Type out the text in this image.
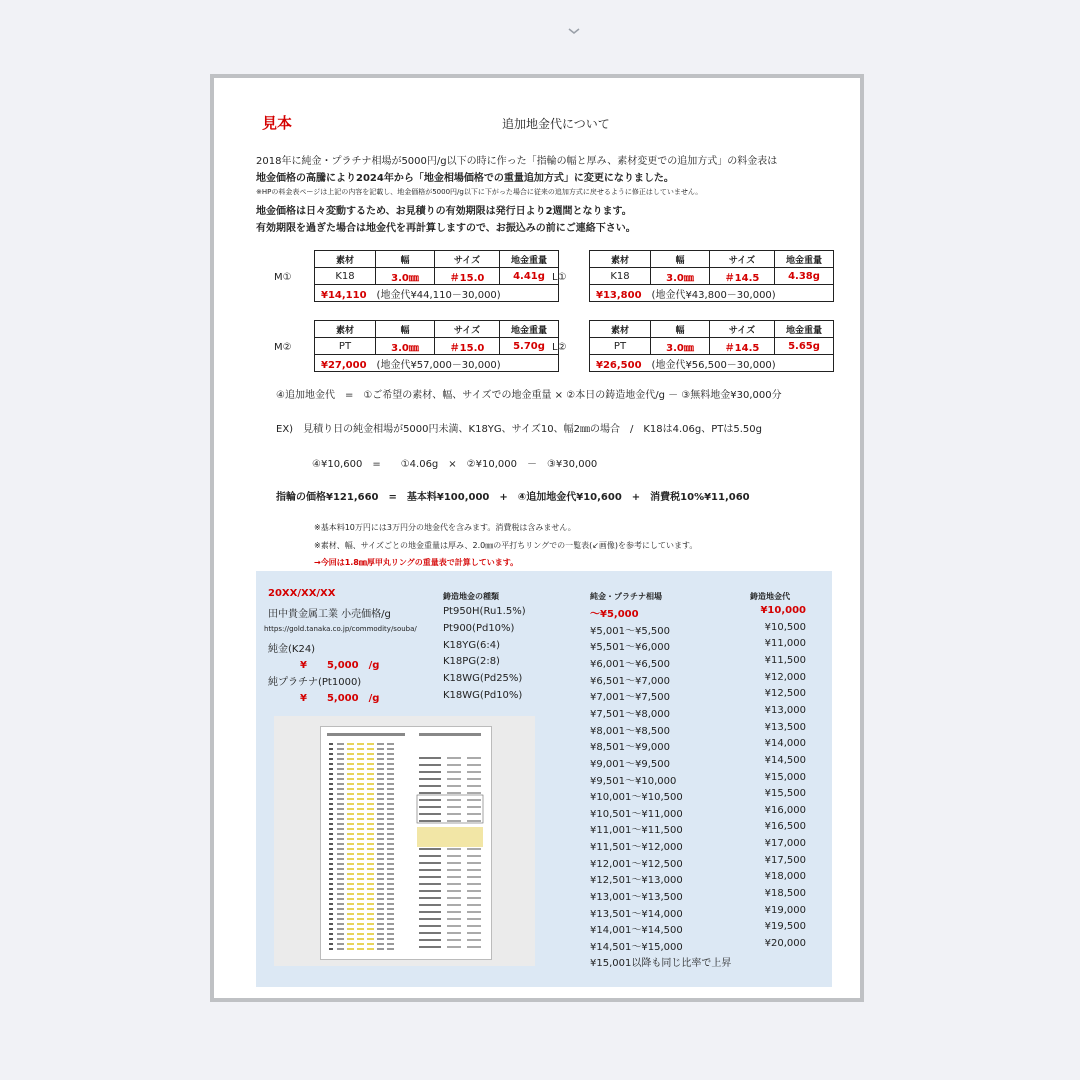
見本	追加地金代について
2018年に純金・プラチナ相場が5000円/g以下の時に作った「指輪の幅と厚み、素材変更での追加方式」の料金表は
地金価格の高騰により2024年から「地金相場価格での重量追加方式」に変更になりました。
※HPの料金表ページは上記の内容を記載し、地金価格が5000円/g以下に下がった場合に従来の追加方式に戻せるように修正はしていません。
地金価格は日々変動するため、お見積りの有効期限は発行日より2週間となります。
有効期限を過ぎた場合は地金代を再計算しますので、お振込みの前にご連絡下さい。
M①
素材	幅	サイズ	地金重量
K18	3.0㎜	＃15.0	4.41g
¥14,110　 (地金代¥44,110－30,000)			
L①
素材	幅	サイズ	地金重量
K18	3.0㎜	＃14.5	4.38g
¥13,800　 (地金代¥43,800－30,000)			
M②
素材	幅	サイズ	地金重量
PT	3.0㎜	＃15.0	5.70g
¥27,000　 (地金代¥57,000－30,000)			
L②
素材	幅	サイズ	地金重量
PT	3.0㎜	＃14.5	5.65g
¥26,500　 (地金代¥56,500－30,000)			
④追加地金代　=　①ご希望の素材、幅、サイズでの地金重量 × ②本日の鋳造地金代/g － ③無料地金¥30,000分
EX)　見積り日の純金相場が5000円未満、K18YG、サイズ10、幅2㎜の場合　/　K18は4.06g、PTは5.50g
④¥10,600　=　　①4.06g　×　②¥10,000　－　③¥30,000
指輪の価格¥121,660　=　基本料¥100,000　+　④追加地金代¥10,600　+　消費税10%¥11,060
※基本料10万円には3万円分の地金代を含みます。消費税は含みません。
※素材、幅、サイズごとの地金重量は厚み、2.0㎜の平打ちリングでの一覧表(↙画像)を参考にしています。
→今回は1.8㎜厚甲丸リングの重量表で計算しています。
20XX/XX/XX
田中貴金属工業 小売価格/g
https://gold.tanaka.co.jp/commodity/souba/
純金(K24)
¥　　5,000　/g
純プラチナ(Pt1000)
¥　　5,000　/g
鋳造地金の種類
Pt950H(Ru1.5%)
Pt900(Pd10%)
K18YG(6:4)
K18PG(2:8)
K18WG(Pd25%)
K18WG(Pd10%)
純金・プラチナ相場	鋳造地金代
～¥5,000	¥10,000
¥5,001～¥5,500	¥10,500
¥5,501～¥6,000	¥11,000
¥6,001～¥6,500	¥11,500
¥6,501～¥7,000	¥12,000
¥7,001～¥7,500	¥12,500
¥7,501～¥8,000	¥13,000
¥8,001～¥8,500	¥13,500
¥8,501～¥9,000	¥14,000
¥9,001～¥9,500	¥14,500
¥9,501～¥10,000	¥15,000
¥10,001～¥10,500	¥15,500
¥10,501～¥11,000	¥16,000
¥11,001～¥11,500	¥16,500
¥11,501～¥12,000	¥17,000
¥12,001～¥12,500	¥17,500
¥12,501～¥13,000	¥18,000
¥13,001～¥13,500	¥18,500
¥13,501～¥14,000	¥19,000
¥14,001～¥14,500	¥19,500
¥14,501～¥15,000	¥20,000
¥15,001以降も同じ比率で上昇
